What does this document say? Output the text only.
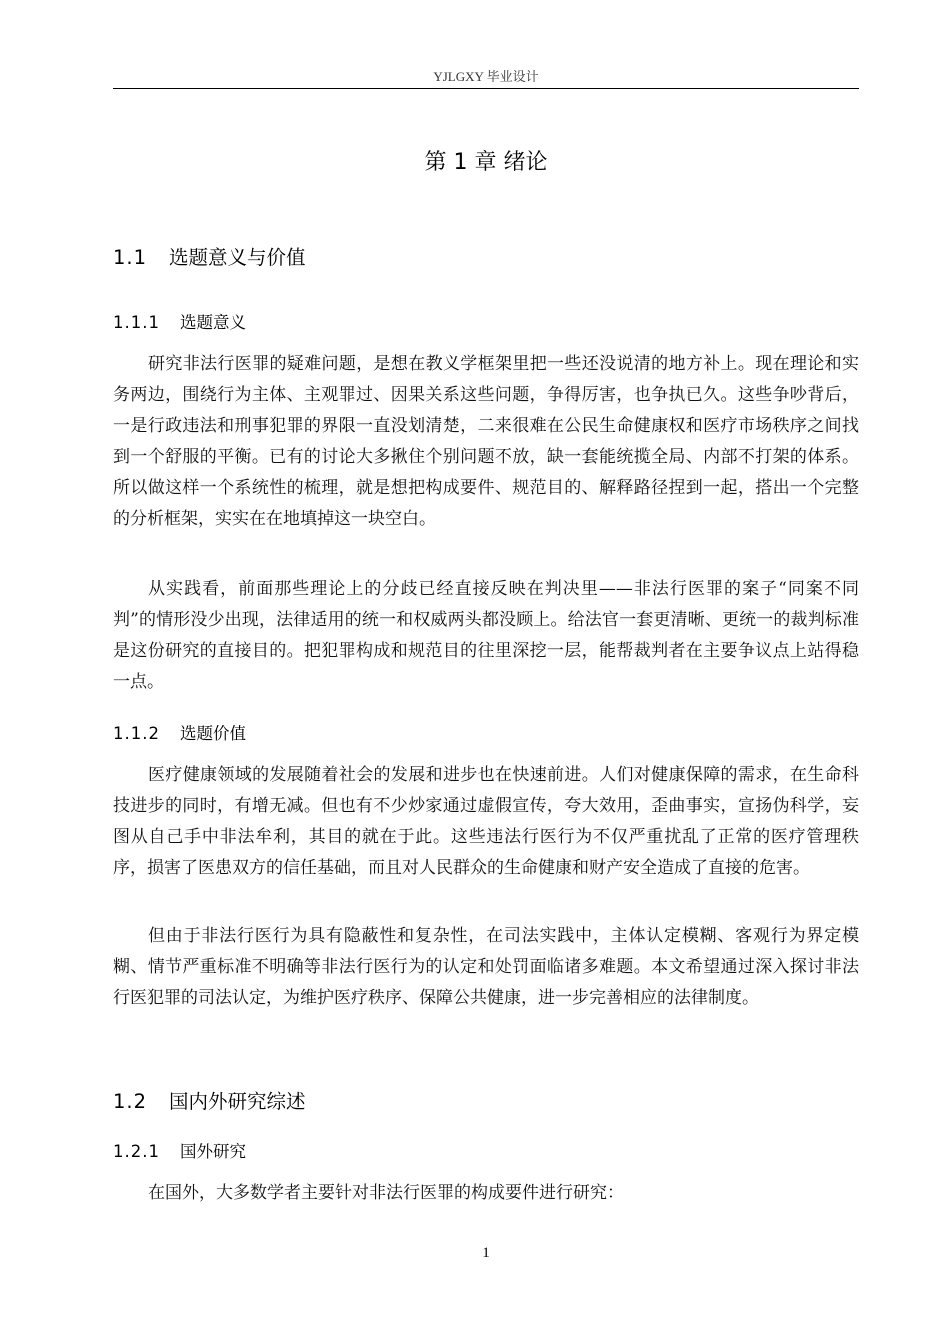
YJLGXY 毕业设计
第 1 章 绪论
1.1 选题意义与价值
1.1.1 选题意义

研究非法行医罪的疑难问题，是想在教义学框架里把一些还没说清的地方补上。现在理论和实务两边，围绕行为主体、主观罪过、因果关系这些问题，争得厉害，也争执已久。这些争吵背后，一是行政违法和刑事犯罪的界限一直没划清楚，二来很难在公民生命健康权和医疗市场秩序之间找到一个舒服的平衡。已有的讨论大多揪住个别问题不放，缺一套能统揽全局、内部不打架的体系。所以做这样一个系统性的梳理，就是想把构成要件、规范目的、解释路径捏到一起，搭出一个完整的分析框架，实实在在地填掉这一块空白。

从实践看，前面那些理论上的分歧已经直接反映在判决里——非法行医罪的案子“同案不同判”的情形没少出现，法律适用的统一和权威两头都没顾上。给法官一套更清晰、更统一的裁判标准是这份研究的直接目的。把犯罪构成和规范目的往里深挖一层，能帮裁判者在主要争议点上站得稳一点。

1.1.2 选题价值

医疗健康领域的发展随着社会的发展和进步也在快速前进。人们对健康保障的需求，在生命科技进步的同时，有增无减。但也有不少炒家通过虚假宣传，夸大效用，歪曲事实，宣扬伪科学，妄图从自己手中非法牟利，其目的就在于此。这些违法行医行为不仅严重扰乱了正常的医疗管理秩序，损害了医患双方的信任基础，而且对人民群众的生命健康和财产安全造成了直接的危害。

但由于非法行医行为具有隐蔽性和复杂性，在司法实践中，主体认定模糊、客观行为界定模糊、情节严重标准不明确等非法行医行为的认定和处罚面临诸多难题。本文希望通过深入探讨非法行医犯罪的司法认定，为维护医疗秩序、保障公共健康，进一步完善相应的法律制度。

1.2 国内外研究综述
1.2.1 国外研究

在国外，大多数学者主要针对非法行医罪的构成要件进行研究：

1
